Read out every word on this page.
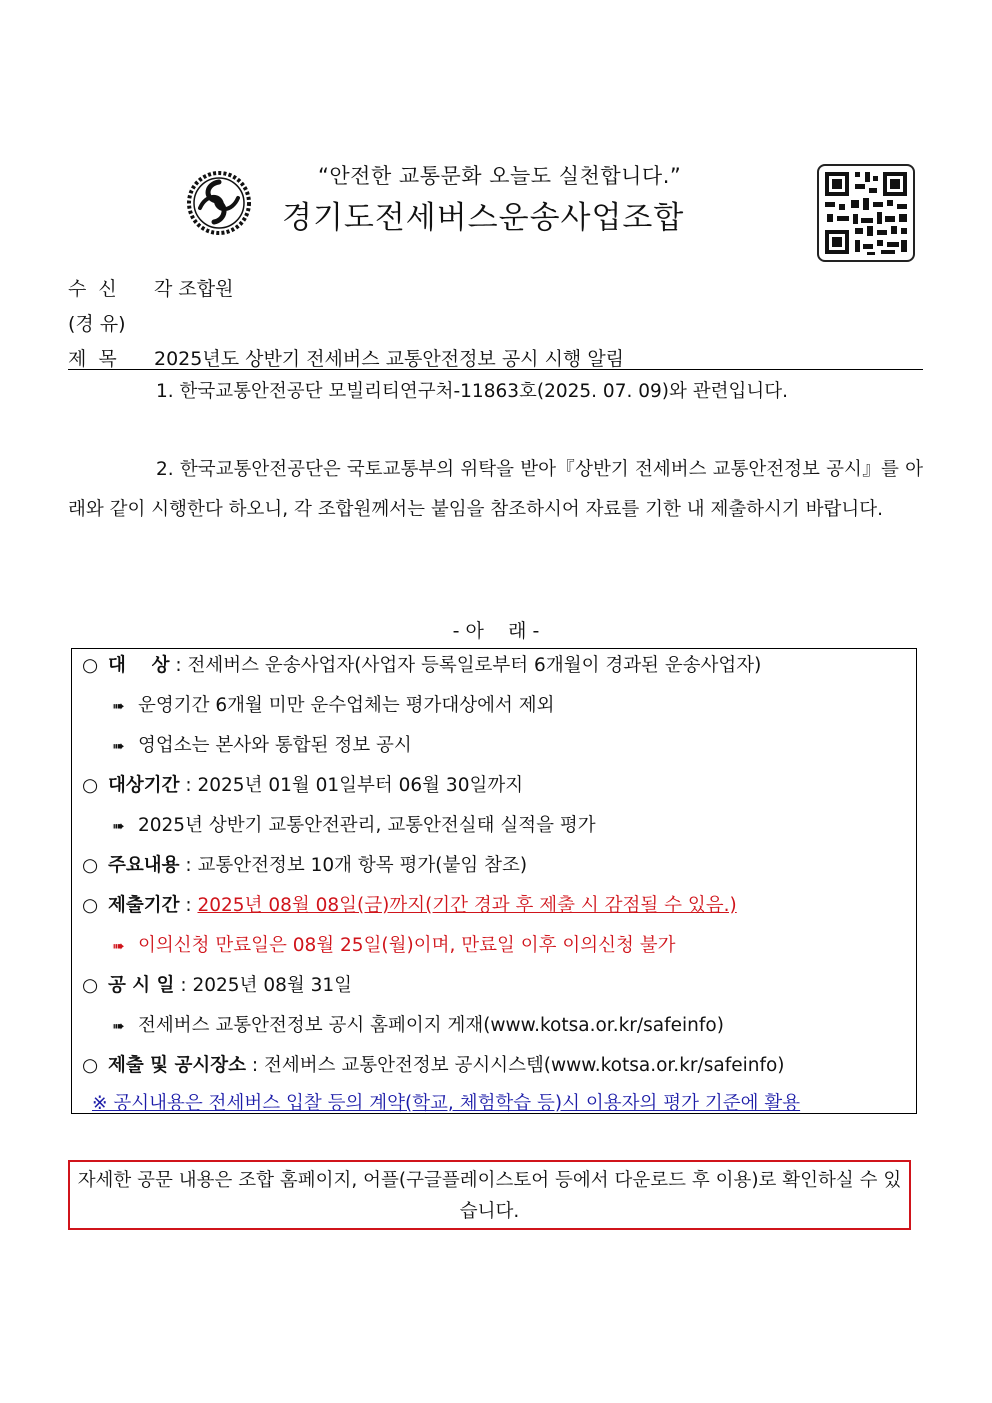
“안전한 교통문화 오늘도 실천합니다.”
경기도전세버스운송사업조합
수  신 각 조합원
(경 유)
제  목 2025년도 상반기 전세버스 교통안전정보 공시 시행 알림
1. 한국교통안전공단 모빌리티연구처-11863호(2025. 07. 09)와 관련입니다.
2. 한국교통안전공단은 국토교통부의 위탁을 받아『상반기 전세버스 교통안전정보 공시』를 아래와 같이 시행한다 하오니, 각 조합원께서는 붙임을 참조하시어 자료를 기한 내 제출하시기 바랍니다.
- 아    래 -
○ 대    상 : 전세버스 운송사업자(사업자 등록일로부터 6개월이 경과된 운송사업자)
➠ 운영기간 6개월 미만 운수업체는 평가대상에서 제외
➠ 영업소는 본사와 통합된 정보 공시
○ 대상기간 : 2025년 01월 01일부터 06월 30일까지
➠ 2025년 상반기 교통안전관리, 교통안전실태 실적을 평가
○ 주요내용 : 교통안전정보 10개 항목 평가(붙임 참조)
○ 제출기간 : 2025년 08월 08일(금)까지(기간 경과 후 제출 시 감점될 수 있음.)
➠ 이의신청 만료일은 08월 25일(월)이며, 만료일 이후 이의신청 불가
○ 공 시 일 : 2025년 08월 31일
➠ 전세버스 교통안전정보 공시 홈페이지 게재(www.kotsa.or.kr/safeinfo)
○ 제출 및 공시장소 : 전세버스 교통안전정보 공시시스템(www.kotsa.or.kr/safeinfo)
※ 공시내용은 전세버스 입찰 등의 계약(학교, 체험학습 등)시 이용자의 평가 기준에 활용
자세한 공문 내용은 조합 홈페이지, 어플(구글플레이스토어 등에서 다운로드 후 이용)로 확인하실 수 있습니다.
